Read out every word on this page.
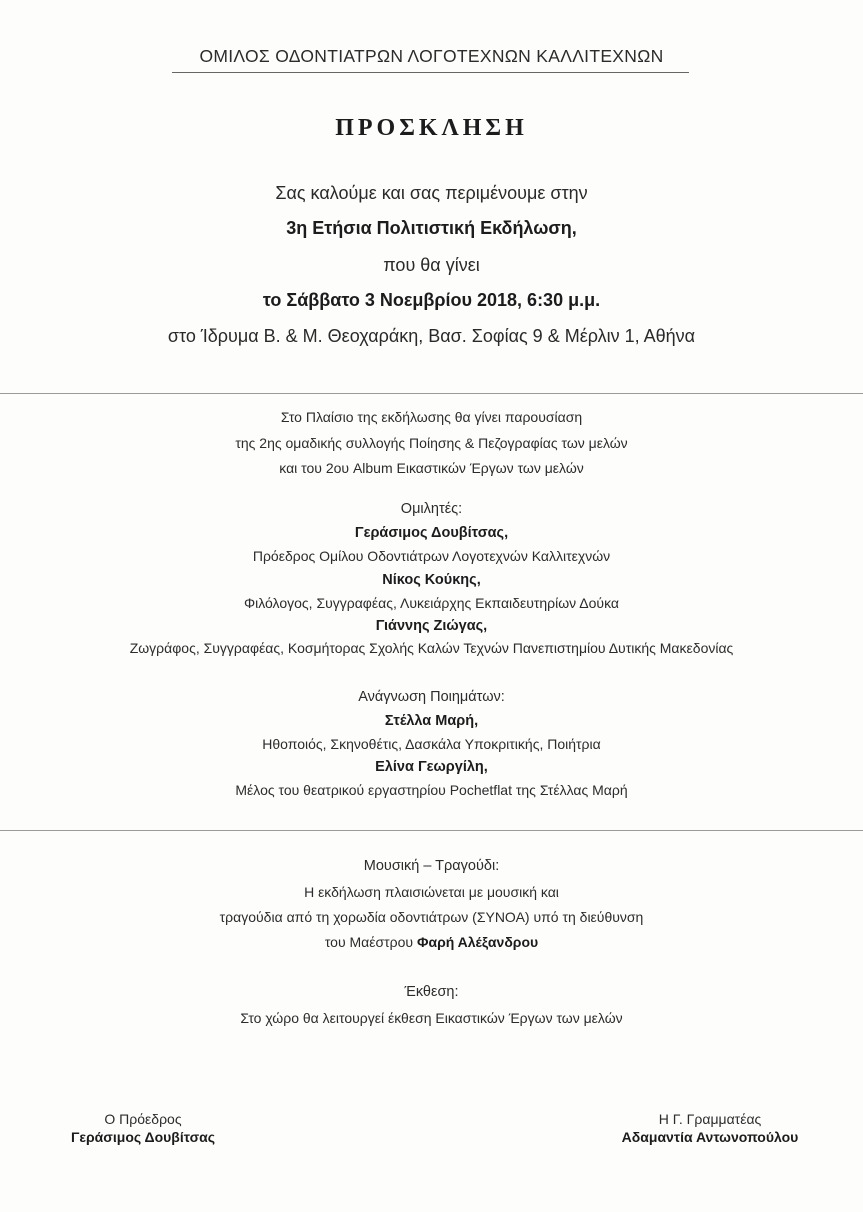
ΟΜΙΛΟΣ ΟΔΟΝΤΙΑΤΡΩΝ ΛΟΓΟΤΕΧΝΩΝ ΚΑΛΛΙΤΕΧΝΩΝ
ΠΡΟΣΚΛΗΣΗ
Σας καλούμε και σας περιμένουμε στην
3η Ετήσια Πολιτιστική Εκδήλωση,
που θα γίνει
το Σάββατο 3 Νοεμβρίου 2018, 6:30 μ.μ.
στο Ίδρυμα Β. & Μ. Θεοχαράκη, Βασ. Σοφίας 9 & Μέρλιν 1, Αθήνα
Στο Πλαίσιο της εκδήλωσης θα γίνει παρουσίαση
της 2ης ομαδικής συλλογής Ποίησης & Πεζογραφίας των μελών
και του 2ου Album Εικαστικών Έργων των μελών
Ομιλητές:
Γεράσιμος Δουβίτσας,
Πρόεδρος Ομίλου Οδοντιάτρων Λογοτεχνών Καλλιτεχνών
Νίκος Κούκης,
Φιλόλογος, Συγγραφέας, Λυκειάρχης Εκπαιδευτηρίων Δούκα
Γιάννης Ζιώγας,
Ζωγράφος, Συγγραφέας, Κοσμήτορας Σχολής Καλών Τεχνών Πανεπιστημίου Δυτικής Μακεδονίας
Ανάγνωση Ποιημάτων:
Στέλλα Μαρή,
Ηθοποιός, Σκηνοθέτις, Δασκάλα Υποκριτικής, Ποιήτρια
Ελίνα Γεωργίλη,
Μέλος του θεατρικού εργαστηρίου Pochetflat της Στέλλας Μαρή
Μουσική – Τραγούδι:
Η εκδήλωση πλαισιώνεται με μουσική και
τραγούδια από τη χορωδία οδοντιάτρων (ΣΥΝΟΑ) υπό τη διεύθυνση
του Μαέστρου Φαρή Αλέξανδρου
Έκθεση:
Στο χώρο θα λειτουργεί έκθεση Εικαστικών Έργων των μελών
Ο Πρόεδρος
Γεράσιμος Δουβίτσας
Η Γ. Γραμματέας
Αδαμαντία Αντωνοπούλου
